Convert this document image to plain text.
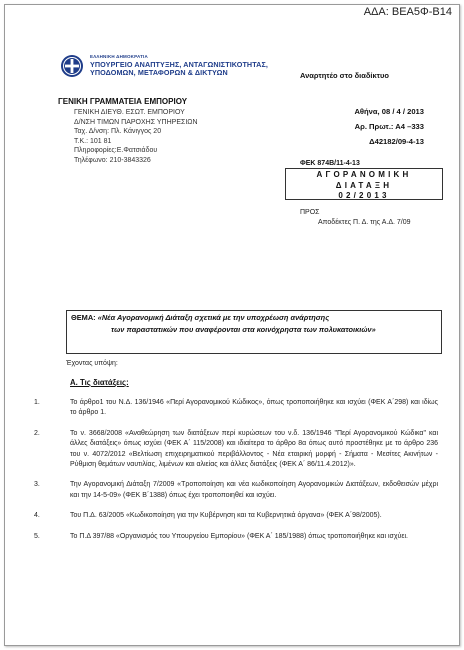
ΑΔΑ: ΒΕΑ5Φ-Β14
ΕΛΛΗΝΙΚΗ ΔΗΜΟΚΡΑΤΙΑ
ΥΠΟΥΡΓΕΙΟ ΑΝΑΠΤΥΞΗΣ, ΑΝΤΑΓΩΝΙΣΤΙΚΟΤΗΤΑΣ,
ΥΠΟΔΟΜΩΝ, ΜΕΤΑΦΟΡΩΝ & ΔΙΚΤΥΩΝ	Αναρτητέο στο διαδίκτυο
ΓΕΝΙΚΗ ΓΡΑΜΜΑΤΕΙΑ ΕΜΠΟΡΙΟΥ
ΓΕΝΙΚΗ ΔΙΕΥΘ. ΕΣΩΤ. ΕΜΠΟΡΙΟΥ
Δ/ΝΣΗ ΤΙΜΩΝ ΠΑΡΟΧΗΣ ΥΠΗΡΕΣΙΩΝ
Ταχ. Δ/νση: Πλ. Κάνιγγος 20
Τ.Κ.: 101 81
Πληροφορίες:Ε.Φατσιάδου
Τηλέφωνο: 210-3843326
Αθήνα, 08 / 4 / 2013
Αρ. Πρωτ.: Α4 –333
Δ42182/09-4-13
ΦΕΚ 874Β/11-4-13
ΑΓΟΡΑΝΟΜΙΚΗ
ΔΙΑΤΑΞΗ
02/2013
ΠΡΟΣ
Αποδέκτες Π. Δ. της Α.Δ. 7/09
ΘΕΜΑ: «Νέα Αγορανομική Διάταξη σχετικά με την υποχρέωση ανάρτησης
των παραστατικών που αναφέρονται στα κοινόχρηστα των πολυκατοικιών»
Έχοντας υπόψη:
Α. Τις διατάξεις:
1.	Το άρθρο1 του Ν.Δ. 136/1946 «Περί Αγορανομικού Κώδικος», όπως τροποποιήθηκε και ισχύει (ΦΕΚ Α΄298) και ιδίως το άρθρο 1.
2.	Το ν. 3668/2008 «Αναθεώρηση των διατάξεων περί κυρώσεων του ν.δ. 136/1946 "Περί Αγορανομικού Κώδικα" και άλλες διατάξεις» όπως ισχύει (ΦΕΚ Α΄ 115/2008) και ιδιαίτερα το άρθρο 8α όπως αυτό προστέθηκε με το άρθρο 236 του ν. 4072/2012 «Βελτίωση επιχειρηματικού περιβάλλοντος - Νέα εταιρική μορφή - Σήματα - Μεσίτες Ακινήτων - Ρύθμιση θεμάτων ναυτιλίας, λιμένων και αλιείας και άλλες διατάξεις (ΦΕΚ Α΄ 86/11.4.2012)».
3.	Την Αγορανομική Διάταξη 7/2009 «Τροποποίηση και νέα κωδικοποίηση Αγορανομικών Διατάξεων, εκδοθεισών μέχρι και την 14-5-09» (ΦΕΚ Β΄1388) όπως έχει τροποποιηθεί και ισχύει.
4.	Του Π.Δ. 63/2005 «Κωδικοποίηση για την Κυβέρνηση και τα Κυβερνητικά όργανα» (ΦΕΚ Α΄98/2005).
5.	Το Π.Δ 397/88 «Οργανισμός του Υπουργείου Εμπορίου» (ΦΕΚ Α΄ 185/1988) όπως τροποποιήθηκε και ισχύει.
